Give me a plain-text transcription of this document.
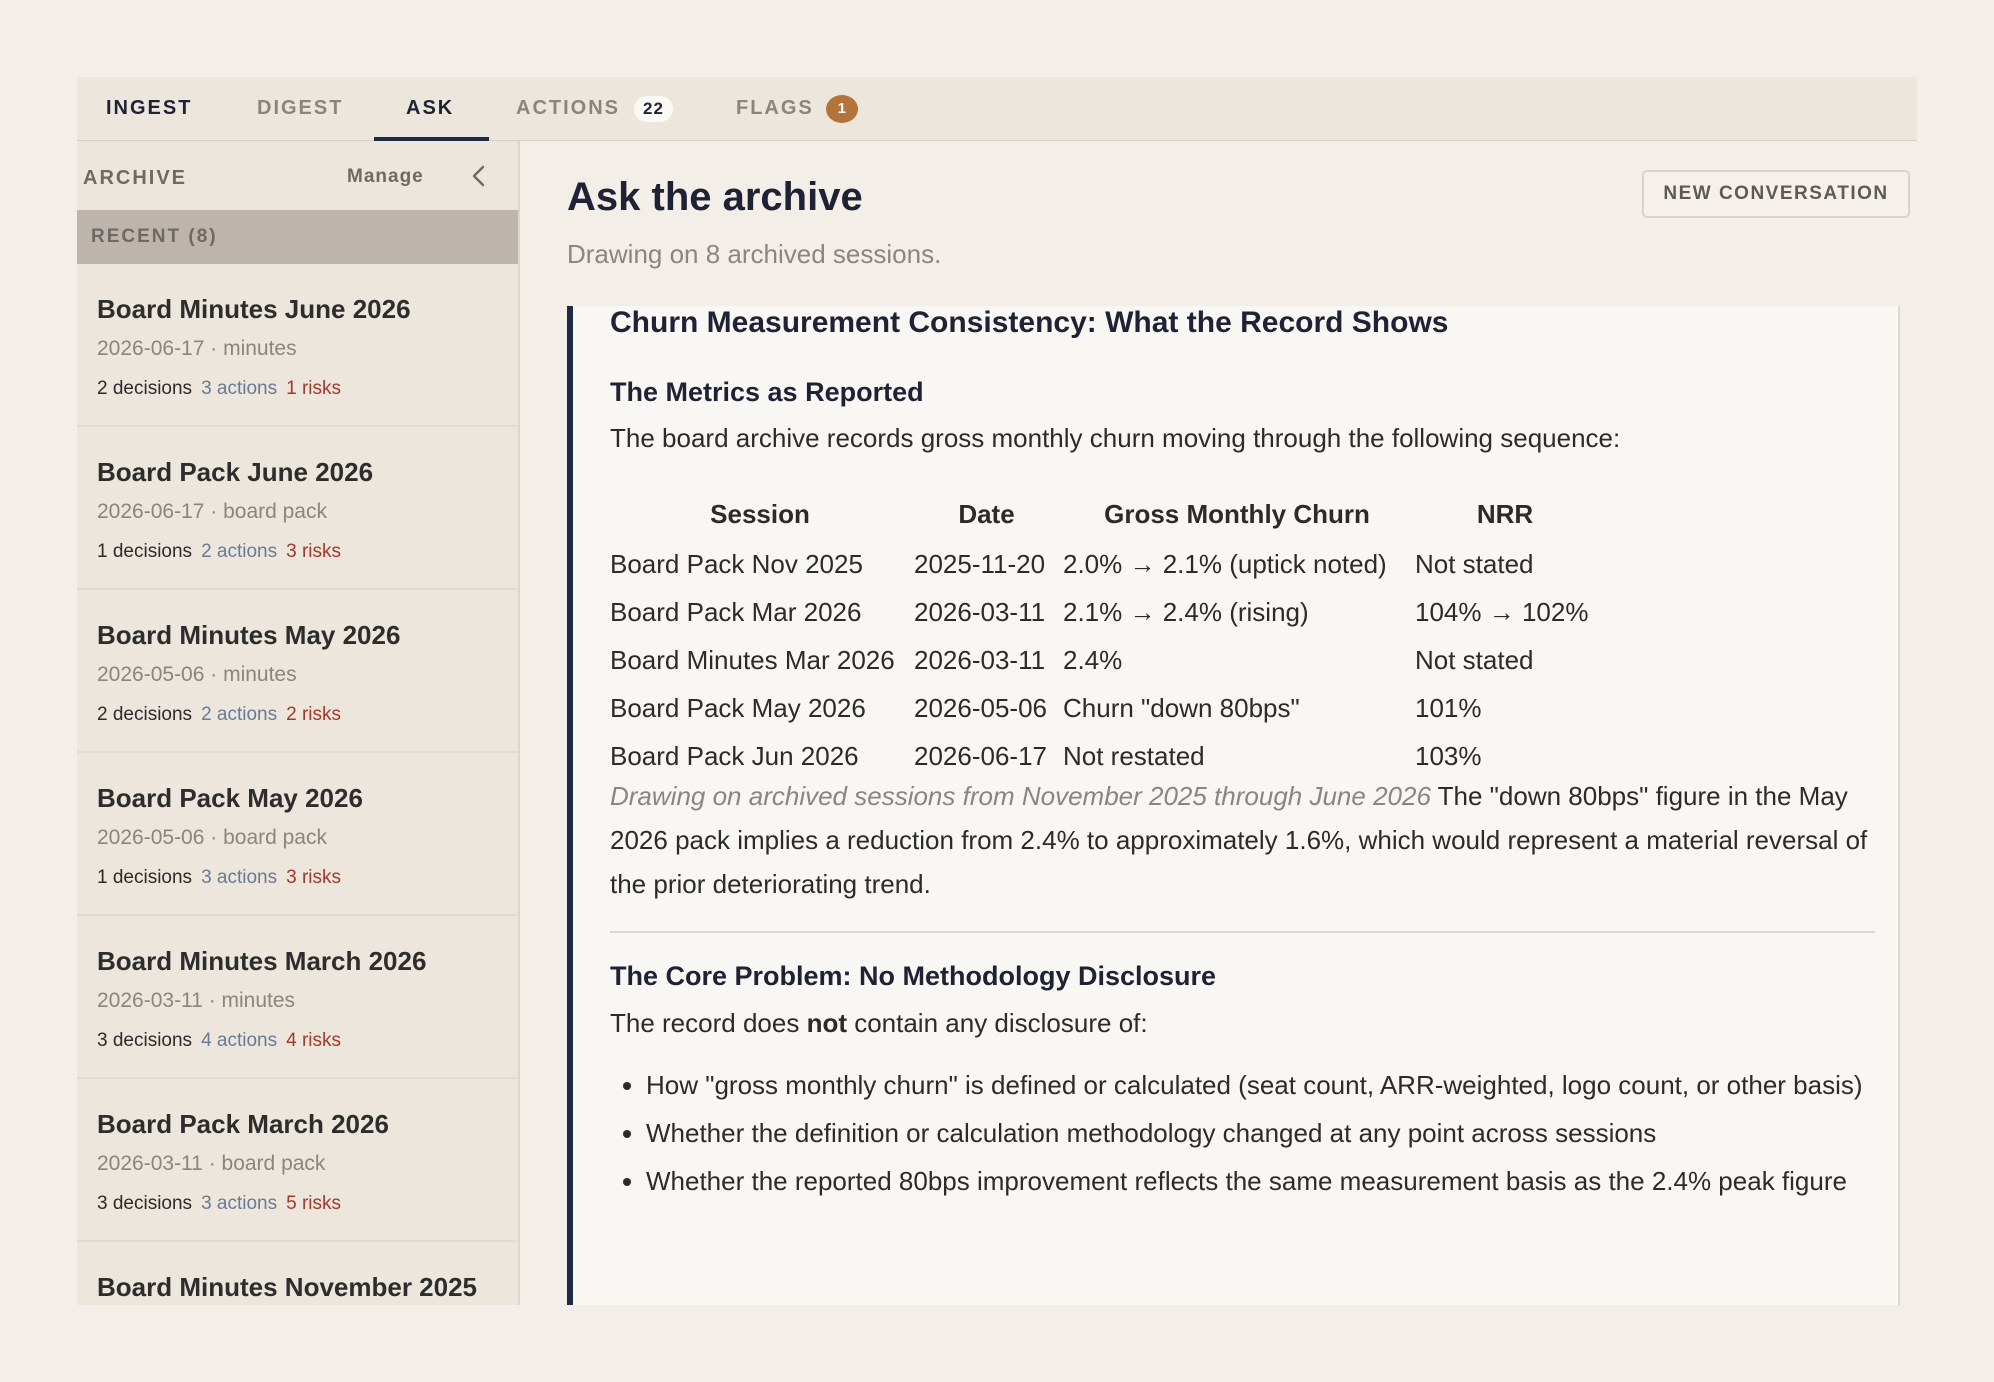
INGEST	DIGEST	ASK	ACTIONS	22	FLAGS	1
ARCHIVE	Manage
RECENT (8)
Board Minutes June 2026
2026-06-17 · minutes
2 decisions 3 actions 1 risks
Board Pack June 2026
2026-06-17 · board pack
1 decisions 2 actions 3 risks
Board Minutes May 2026
2026-05-06 · minutes
2 decisions 2 actions 2 risks
Board Pack May 2026
2026-05-06 · board pack
1 decisions 3 actions 3 risks
Board Minutes March 2026
2026-03-11 · minutes
3 decisions 4 actions 4 risks
Board Pack March 2026
2026-03-11 · board pack
3 decisions 3 actions 5 risks
Board Minutes November 2025
Ask the archive
Drawing on 8 archived sessions.
NEW CONVERSATION
Churn Measurement Consistency: What the Record Shows
The Metrics as Reported
The board archive records gross monthly churn moving through the following sequence:
Session	Date	Gross Monthly Churn	NRR
Board Pack Nov 2025	2025-11-20	2.0% → 2.1% (uptick noted)	Not stated
Board Pack Mar 2026	2026-03-11	2.1% → 2.4% (rising)	104% → 102%
Board Minutes Mar 2026	2026-03-11	2.4%	Not stated
Board Pack May 2026	2026-05-06	Churn "down 80bps"	101%
Board Pack Jun 2026	2026-06-17	Not restated	103%
Drawing on archived sessions from November 2025 through June 2026 The "down 80bps" figure in the May 2026 pack implies a reduction from 2.4% to approximately 1.6%, which would represent a material reversal of the prior deteriorating trend.
The Core Problem: No Methodology Disclosure
The record does not contain any disclosure of:
• How "gross monthly churn" is defined or calculated (seat count, ARR-weighted, logo count, or other basis)
• Whether the definition or calculation methodology changed at any point across sessions
• Whether the reported 80bps improvement reflects the same measurement basis as the 2.4% peak figure
